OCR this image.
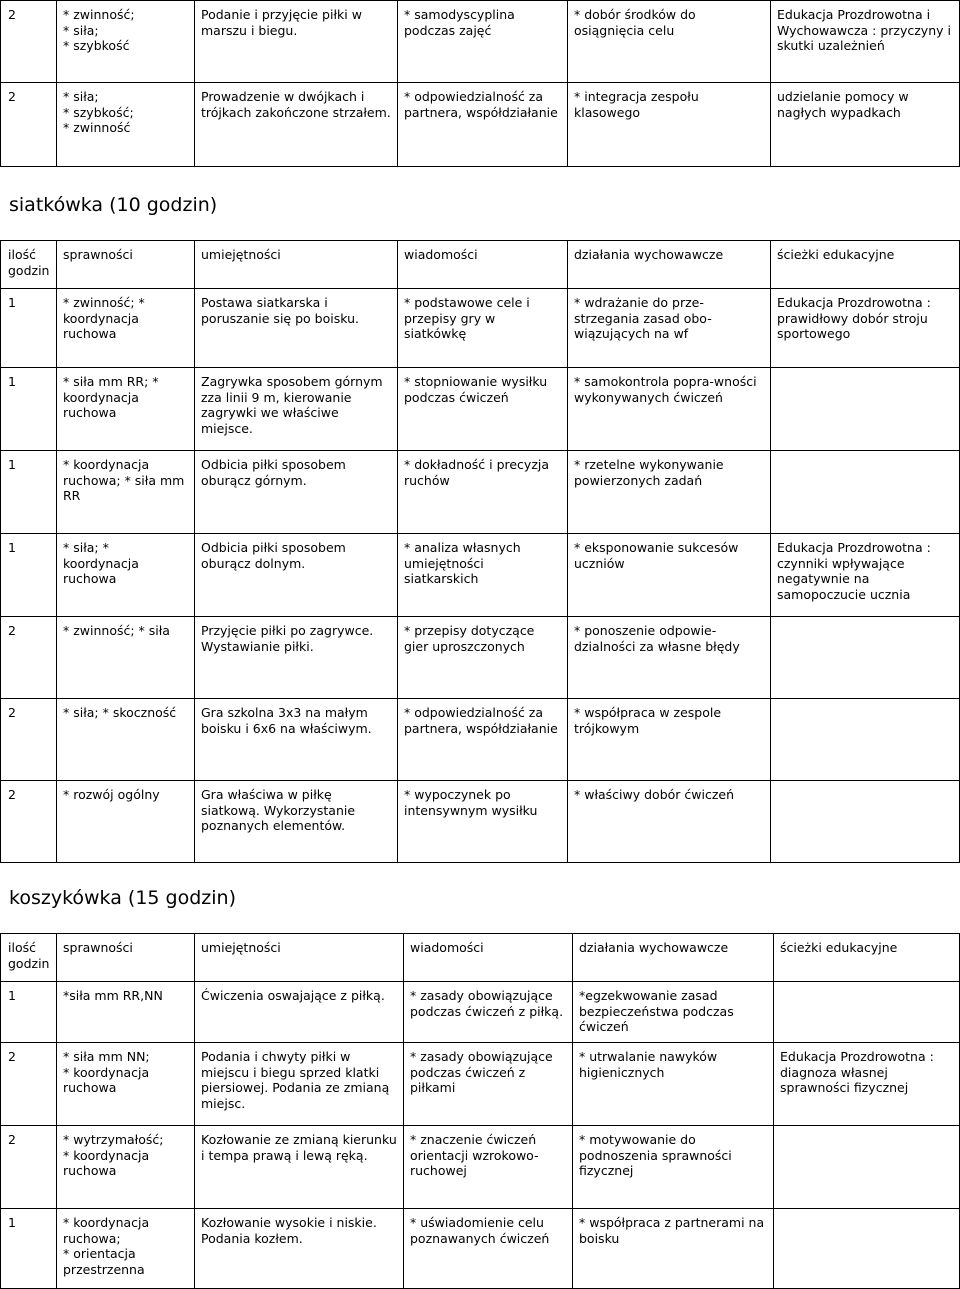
2	* zwinność;
* siła;
* szybkość	Podanie i przyjęcie piłki w marszu i biegu.	* samodyscyplina podczas zajęć	* dobór środków do osiągnięcia celu	Edukacja Prozdrowotna i Wychowawcza : przyczyny i skutki uzależnień

2	* siła;
* szybkość;
* zwinność	Prowadzenie w dwójkach i trójkach zakończone strzałem.	* odpowiedzialność za partnera, współdziałanie	* integracja zespołu klasowego	udzielanie pomocy w nagłych wypadkach
siatkówka (10 godzin)
ilość godzin	sprawności	umiejętności	wiadomości	działania wychowawcze	ścieżki edukacyjne

1	* zwinność; * koordynacja ruchowa	Postawa siatkarska i poruszanie się po boisku.	* podstawowe cele i przepisy gry w siatkówkę	* wdrażanie do prze-strzegania zasad obo-wiązujących na wf	Edukacja Prozdrowotna : prawidłowy dobór stroju sportowego

1	* siła mm RR; * koordynacja ruchowa	Zagrywka sposobem górnym zza linii 9 m, kierowanie zagrywki we właściwe miejsce.	* stopniowanie wysiłku podczas ćwiczeń	* samokontrola popra-wności wykonywanych ćwiczeń	

1	* koordynacja ruchowa; * siła mm RR	Odbicia piłki sposobem oburącz górnym.	* dokładność i precyzja ruchów	* rzetelne wykonywanie powierzonych zadań	

1	* siła; * koordynacja ruchowa	Odbicia piłki sposobem oburącz dolnym.	* analiza własnych umiejętności siatkarskich	* eksponowanie sukcesów uczniów	Edukacja Prozdrowotna : czynniki wpływające negatywnie na samopoczucie ucznia

2	* zwinność; * siła	Przyjęcie piłki po zagrywce. Wystawianie piłki.	* przepisy dotyczące gier uproszczonych	* ponoszenie odpowie-dzialności za własne błędy	

2	* siła; * skoczność	Gra szkolna 3x3 na małym boisku i 6x6 na właściwym.	* odpowiedzialność za partnera, współdziałanie	* współpraca w zespole trójkowym	

2	* rozwój ogólny	Gra właściwa w piłkę siatkową. Wykorzystanie poznanych elementów.	* wypoczynek po intensywnym wysiłku	* właściwy dobór ćwiczeń	

koszykówka (15 godzin)
ilość godzin	sprawności	umiejętności	wiadomości	działania wychowawcze	ścieżki edukacyjne

1	*siła mm RR,NN	Ćwiczenia oswajające z piłką.	* zasady obowiązujące podczas ćwiczeń z piłką.	*egzekwowanie zasad bezpieczeństwa podczas ćwiczeń	

2	* siła mm NN;
* koordynacja ruchowa	Podania i chwyty piłki w miejscu i biegu sprzed klatki piersiowej. Podania ze zmianą miejsc.	* zasady obowiązujące podczas ćwiczeń z piłkami	* utrwalanie nawyków higienicznych	Edukacja Prozdrowotna : diagnoza własnej sprawności fizycznej

2	* wytrzymałość;
* koordynacja ruchowa	Kozłowanie ze zmianą kierunku i tempa prawą i lewą ręką.	* znaczenie ćwiczeń orientacji wzrokowo-ruchowej	* motywowanie do podnoszenia sprawności fizycznej	

1	* koordynacja ruchowa;
* orientacja przestrzenna	Kozłowanie wysokie i niskie. Podania kozłem.	* uświadomienie celu poznawanych ćwiczeń	* współpraca z partnerami na boisku	
